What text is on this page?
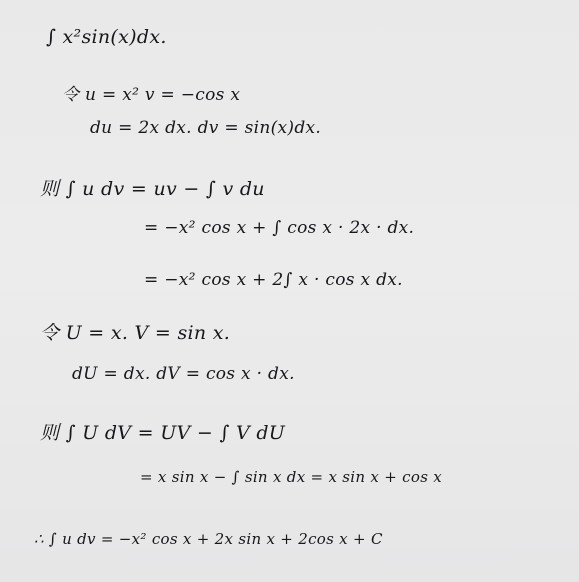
∫ x²sin(x)dx.
令 u = x² v = −cos x
du = 2x dx. dv = sin(x)dx.
则 ∫ u dv = uv − ∫ v du
= −x² cos x + ∫ cos x · 2x · dx.
= −x² cos x + 2∫ x · cos x dx.
令 U = x. V = sin x.
dU = dx. dV = cos x · dx.
则 ∫ U dV = UV − ∫ V dU
= x sin x − ∫ sin x dx = x sin x + cos x
∴ ∫ u dv = −x² cos x + 2x sin x + 2cos x + C
